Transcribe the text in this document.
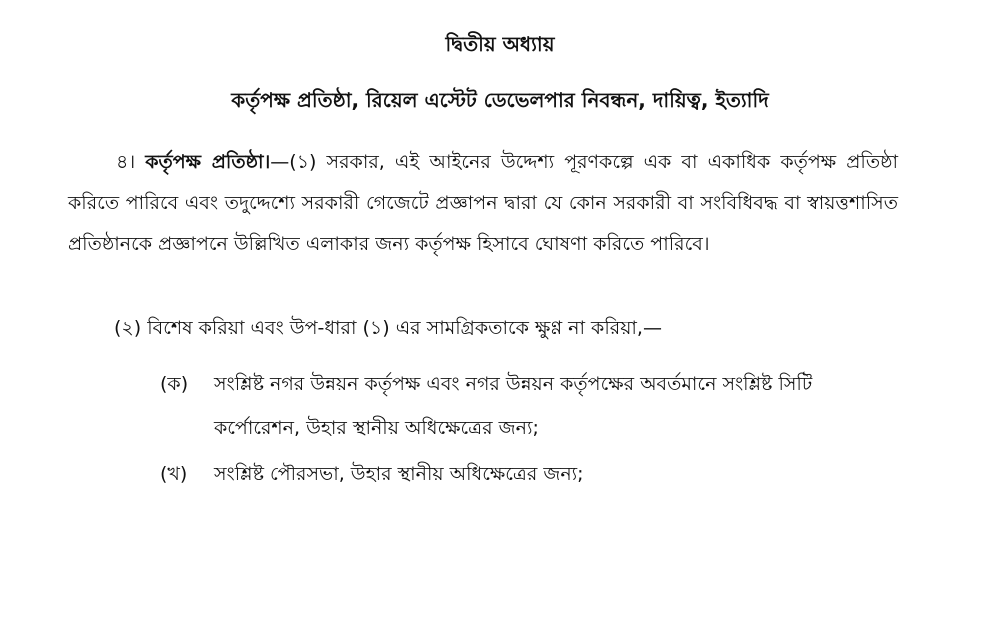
দ্বিতীয় অধ্যায়
কর্তৃপক্ষ প্রতিষ্ঠা, রিয়েল এস্টেট ডেভেলপার নিবন্ধন, দায়িত্ব, ইত্যাদি
৪। কর্তৃপক্ষ প্রতিষ্ঠা।—(১) সরকার, এই আইনের উদ্দেশ্য পূরণকল্পে এক বা একাধিক কর্তৃপক্ষ প্রতিষ্ঠা করিতে পারিবে এবং তদুদ্দেশ্যে সরকারী গেজেটে প্রজ্ঞাপন দ্বারা যে কোন সরকারী বা সংবিধিবদ্ধ বা স্বায়ত্তশাসিত প্রতিষ্ঠানকে প্রজ্ঞাপনে উল্লিখিত এলাকার জন্য কর্তৃপক্ষ হিসাবে ঘোষণা করিতে পারিবে।
(২) বিশেষ করিয়া এবং উপ-ধারা (১) এর সামগ্রিকতাকে ক্ষুণ্ণ না করিয়া,—
(ক) সংশ্লিষ্ট নগর উন্নয়ন কর্তৃপক্ষ এবং নগর উন্নয়ন কর্তৃপক্ষের অবর্তমানে সংশ্লিষ্ট সিটি কর্পোরেশন, উহার স্থানীয় অধিক্ষেত্রের জন্য;
(খ) সংশ্লিষ্ট পৌরসভা, উহার স্থানীয় অধিক্ষেত্রের জন্য;
